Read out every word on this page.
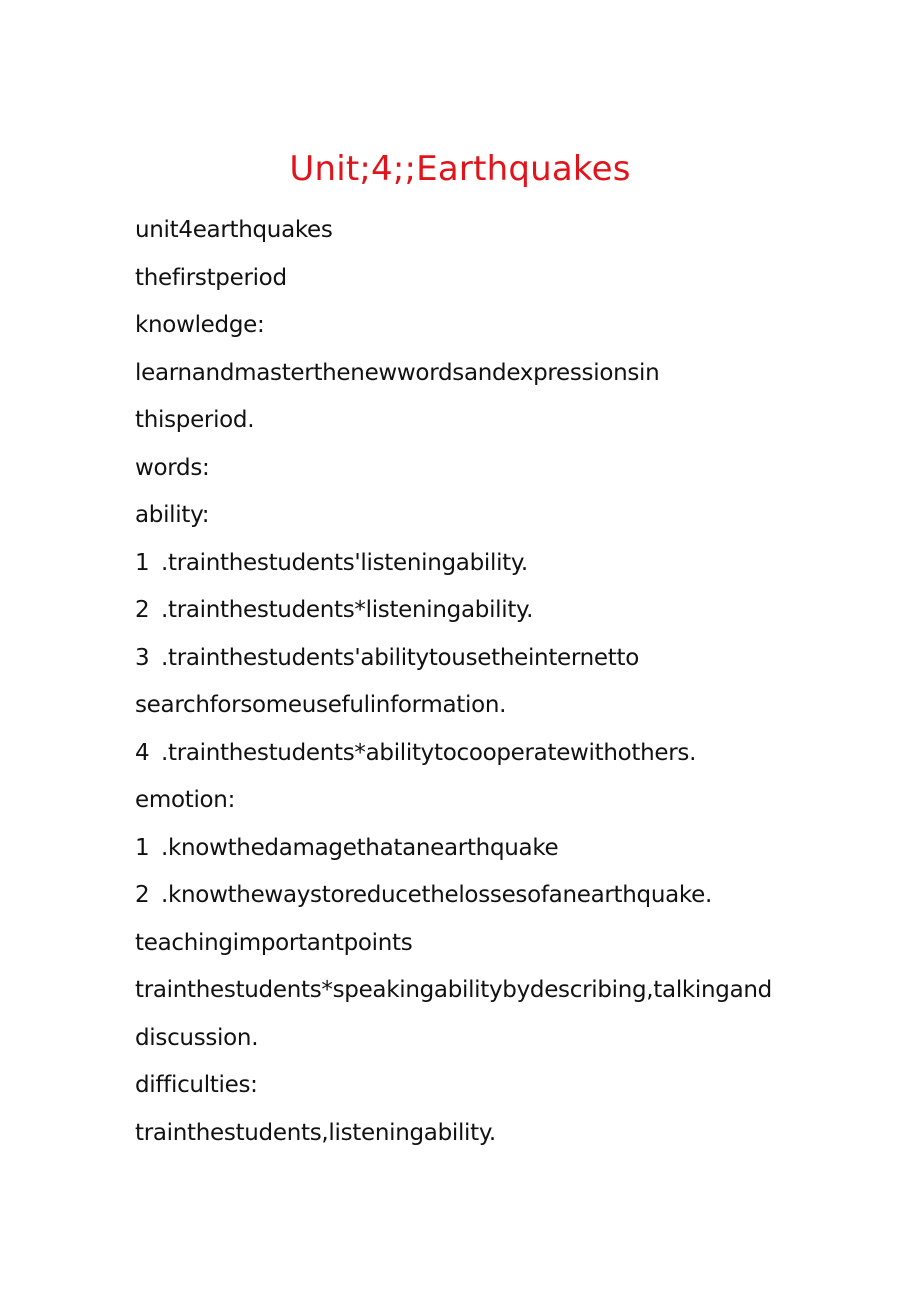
Unit;4;;Earthquakes
unit4earthquakes
thefirstperiod
knowledge:
learnandmasterthenewwordsandexpressionsin
thisperiod.
words:
ability:
1 .trainthestudents'listeningability.
2 .trainthestudents*listeningability.
3 .trainthestudents'abilitytousetheinternetto
searchforsomeusefulinformation.
4 .trainthestudents*abilitytocooperatewithothers.
emotion:
1 .knowthedamagethatanearthquake
2 .knowthewaystoreducethelossesofanearthquake.
teachingimportantpoints
trainthestudents*speakingabilitybydescribing,talkingand
discussion.
difficulties:
trainthestudents,listeningability.
